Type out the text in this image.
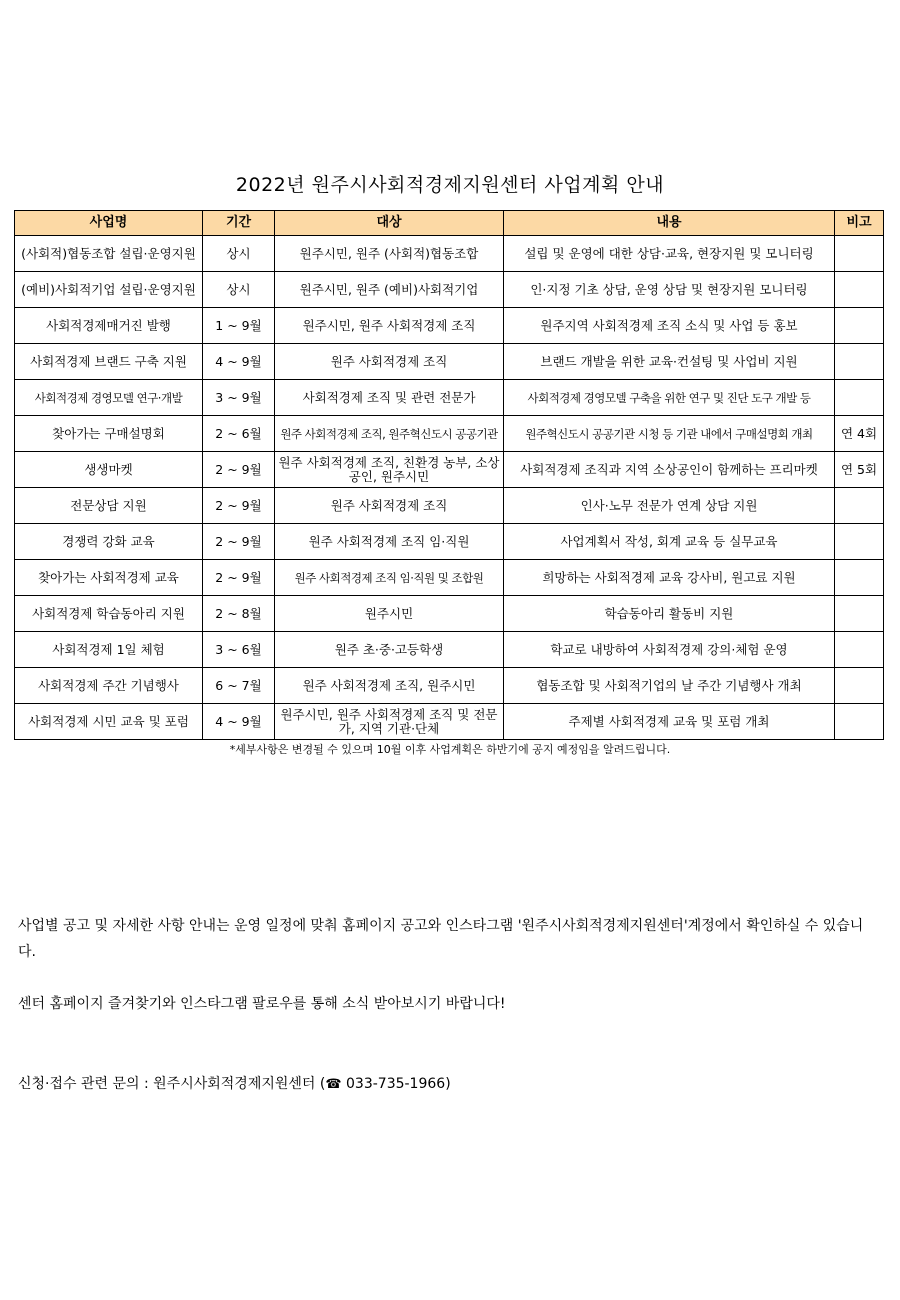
2022년 원주시사회적경제지원센터 사업계획 안내
사업명	기간	대상	내용	비고
(사회적)협동조합 설립·운영지원	상시	원주시민, 원주 (사회적)협동조합	설립 및 운영에 대한 상담·교육, 현장지원 및 모니터링	
(예비)사회적기업 설립·운영지원	상시	원주시민, 원주 (예비)사회적기업	인·지정 기초 상담, 운영 상담 및 현장지원 모니터링	
사회적경제매거진 발행	1 ~ 9월	원주시민, 원주 사회적경제 조직	원주지역 사회적경제 조직 소식 및 사업 등 홍보	
사회적경제 브랜드 구축 지원	4 ~ 9월	원주 사회적경제 조직	브랜드 개발을 위한 교육·컨설팅 및 사업비 지원	
사회적경제 경영모델 연구·개발	3 ~ 9월	사회적경제 조직 및 관련 전문가	사회적경제 경영모델 구축을 위한 연구 및 진단 도구 개발 등	
찾아가는 구매설명회	2 ~ 6월	원주 사회적경제 조직, 원주혁신도시 공공기관	원주혁신도시 공공기관 시청 등 기관 내에서 구매설명회 개최	연 4회
생생마켓	2 ~ 9월	원주 사회적경제 조직, 친환경 농부, 소상공인, 원주시민	사회적경제 조직과 지역 소상공인이 함께하는 프리마켓	연 5회
전문상담 지원	2 ~ 9월	원주 사회적경제 조직	인사·노무 전문가 연계 상담 지원	
경쟁력 강화 교육	2 ~ 9월	원주 사회적경제 조직 임·직원	사업계획서 작성, 회계 교육 등 실무교육	
찾아가는 사회적경제 교육	2 ~ 9월	원주 사회적경제 조직 임·직원 및 조합원	희망하는 사회적경제 교육 강사비, 원고료 지원	
사회적경제 학습동아리 지원	2 ~ 8월	원주시민	학습동아리 활동비 지원	
사회적경제 1일 체험	3 ~ 6월	원주 초·중·고등학생	학교로 내방하여 사회적경제 강의·체험 운영	
사회적경제 주간 기념행사	6 ~ 7월	원주 사회적경제 조직, 원주시민	협동조합 및 사회적기업의 날 주간 기념행사 개최	
사회적경제 시민 교육 및 포럼	4 ~ 9월	원주시민, 원주 사회적경제 조직 및 전문가, 지역 기관·단체	주제별 사회적경제 교육 및 포럼 개최	
*세부사항은 변경될 수 있으며 10월 이후 사업계획은 하반기에 공지 예정임을 알려드립니다.
사업별 공고 및 자세한 사항 안내는 운영 일정에 맞춰 홈페이지 공고와 인스타그램 '원주시사회적경제지원센터'계정에서 확인하실 수 있습니다.
센터 홈페이지 즐겨찾기와 인스타그램 팔로우를 통해 소식 받아보시기 바랍니다!
신청·접수 관련 문의 : 원주시사회적경제지원센터 (☎ 033-735-1966)
